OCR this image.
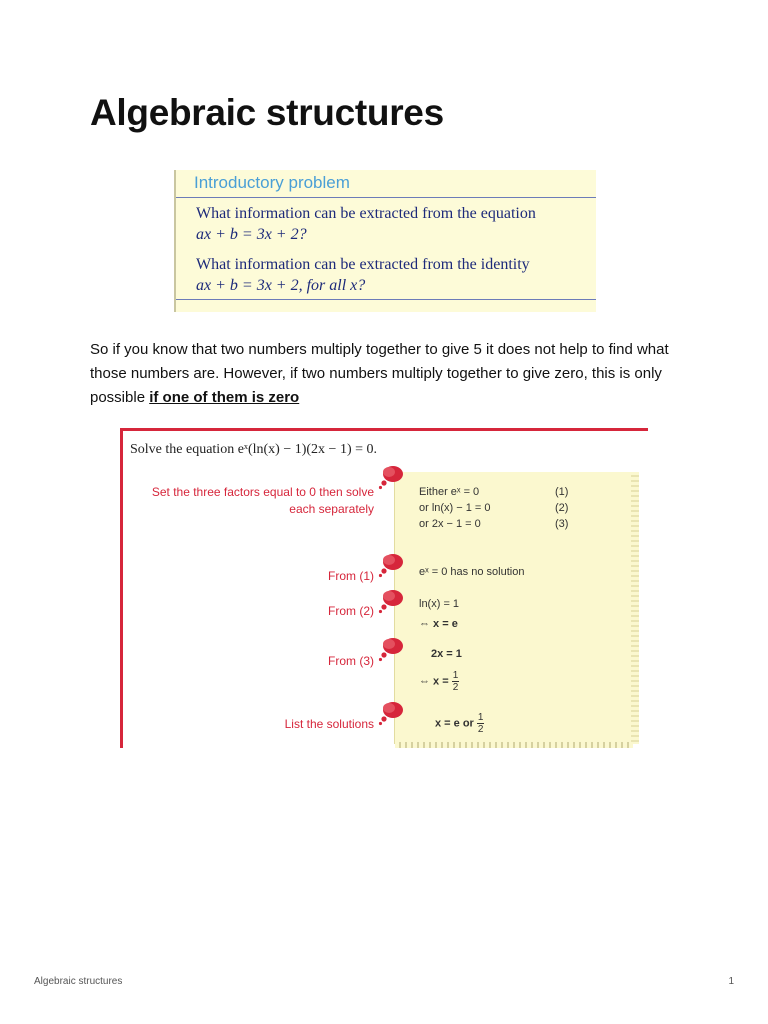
Algebraic structures
Introductory problem
What information can be extracted from the equation
ax + b = 3x + 2?
What information can be extracted from the identity
ax + b = 3x + 2, for all x?

So if you know that two numbers multiply together to give 5 it does not help to find what those numbers are. However, if two numbers multiply together to give zero, this is only possible if one of them is zero

Solve the equation eˣ(ln(x) − 1)(2x − 1) = 0.
Either eˣ = 0	(1)
or ln(x) − 1 = 0	(2)
or 2x − 1 = 0	(3)
eˣ = 0 has no solution
ln(x) = 1
⇔ x = e
2x = 1
⇔ $x = \frac{1}{2}$
x = e or $\frac{1}{2}$
Set the three factors equal to 0 then solve
each separately
From (1)
From (2)
From (3)
List the solutions
Algebraic structures	1
